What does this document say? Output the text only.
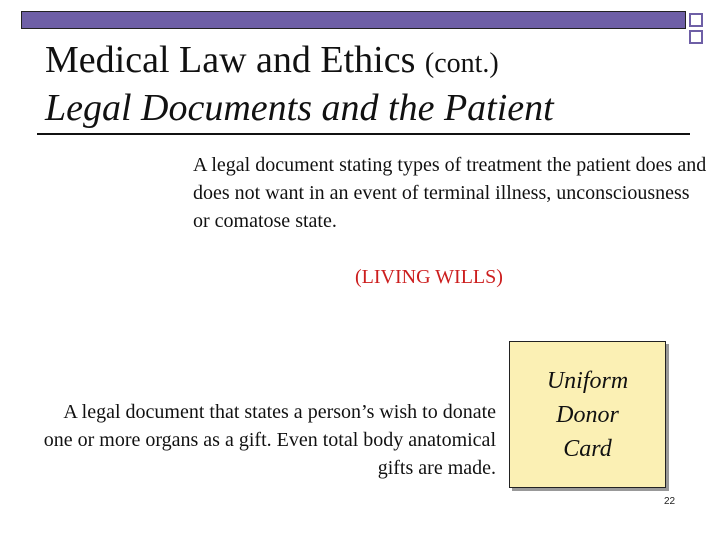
Medical Law and Ethics (cont.)
Legal Documents and the Patient
A legal document stating types of treatment the patient does and does not want in an event of terminal illness, unconsciousness or comatose state.
(LIVING WILLS)
A legal document that states a person’s wish to donate one or more organs as a gift. Even total body anatomical gifts are made.
Uniform
Donor
Card
22
